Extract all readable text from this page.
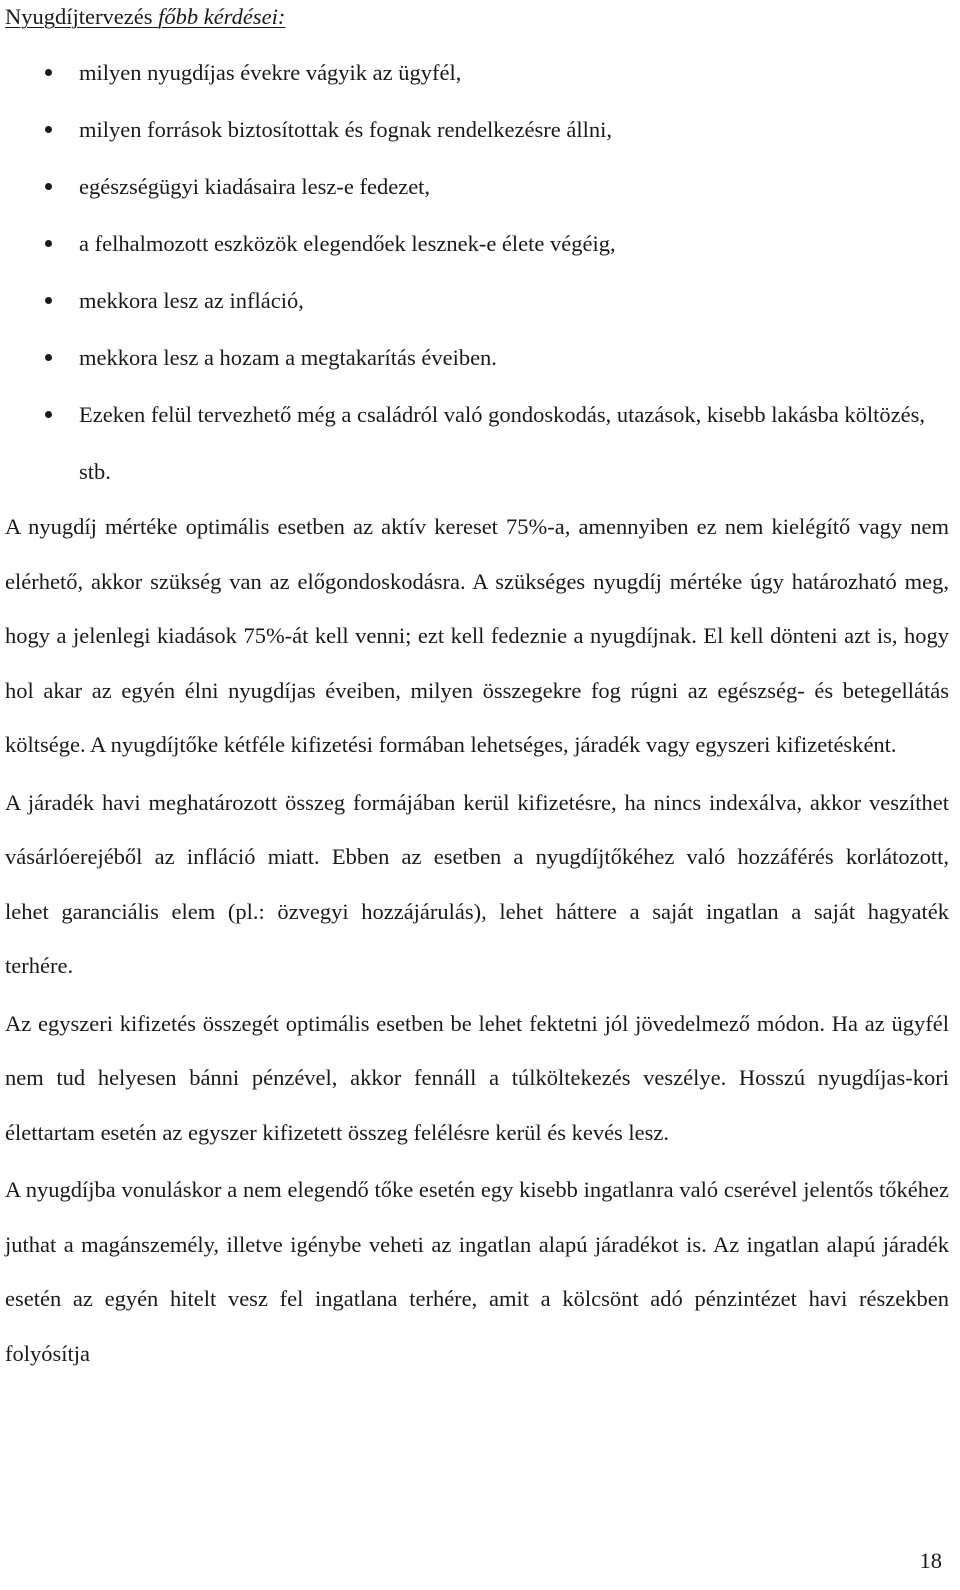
Nyugdíjtervezés főbb kérdései:

milyen nyugdíjas évekre vágyik az ügyfél,
milyen források biztosítottak és fognak rendelkezésre állni,
egészségügyi kiadásaira lesz-e fedezet,
a felhalmozott eszközök elegendőek lesznek-e élete végéig,
mekkora lesz az infláció,
mekkora lesz a hozam a megtakarítás éveiben.
Ezeken felül tervezhető még a családról való gondoskodás, utazások, kisebb lakásba költözés, stb.

A nyugdíj mértéke optimális esetben az aktív kereset 75%-a, amennyiben ez nem kielégítő vagy nem elérhető, akkor szükség van az előgondoskodásra. A szükséges nyugdíj mértéke úgy határozható meg, hogy a jelenlegi kiadások 75%-át kell venni; ezt kell fedeznie a nyugdíjnak. El kell dönteni azt is, hogy hol akar az egyén élni nyugdíjas éveiben, milyen összegekre fog rúgni az egészség- és betegellátás költsége. A nyugdíjtőke kétféle kifizetési formában lehetséges, járadék vagy egyszeri kifizetésként.

A járadék havi meghatározott összeg formájában kerül kifizetésre, ha nincs indexálva, akkor veszíthet vásárlóerejéből az infláció miatt. Ebben az esetben a nyugdíjtőkéhez való hozzáférés korlátozott, lehet garanciális elem (pl.: özvegyi hozzájárulás), lehet háttere a saját ingatlan a saját hagyaték terhére.

Az egyszeri kifizetés összegét optimális esetben be lehet fektetni jól jövedelmező módon. Ha az ügyfél nem tud helyesen bánni pénzével, akkor fennáll a túlköltekezés veszélye. Hosszú nyugdíjas-kori élettartam esetén az egyszer kifizetett összeg felélésre kerül és kevés lesz.

A nyugdíjba vonuláskor a nem elegendő tőke esetén egy kisebb ingatlanra való cserével jelentős tőkéhez juthat a magánszemély, illetve igénybe veheti az ingatlan alapú járadékot is. Az ingatlan alapú járadék esetén az egyén hitelt vesz fel ingatlana terhére, amit a kölcsönt adó pénzintézet havi részekben folyósítja

18
